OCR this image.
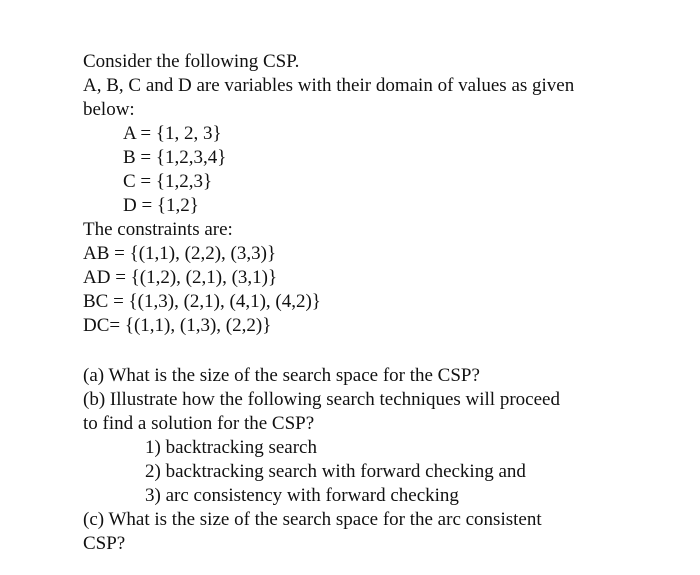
Consider the following CSP.
A, B, C and D are variables with their domain of values as given
below:
A = {1, 2, 3}
B = {1,2,3,4}
C = {1,2,3}
D = {1,2}
The constraints are:
AB = {(1,1), (2,2), (3,3)}
AD = {(1,2), (2,1), (3,1)}
BC = {(1,3), (2,1), (4,1), (4,2)}
DC= {(1,1), (1,3), (2,2)}
(a) What is the size of the search space for the CSP?
(b) Illustrate how the following search techniques will proceed
to find a solution for the CSP?
1) backtracking search
2) backtracking search with forward checking and
3) arc consistency with forward checking
(c) What is the size of the search space for the arc consistent
CSP?
